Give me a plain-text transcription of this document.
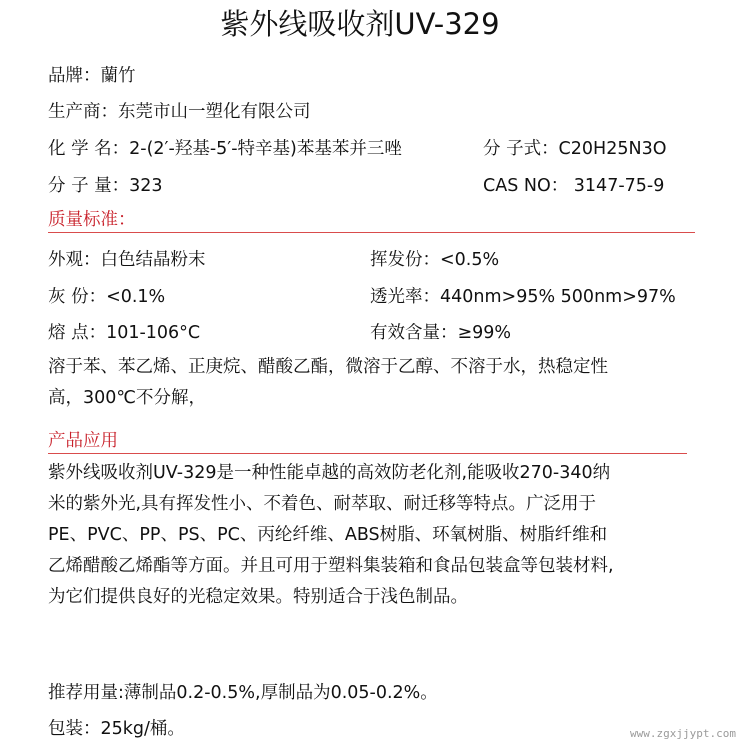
紫外线吸收剂UV-329
品牌：蘭竹
生产商：东莞市山一塑化有限公司
化 学 名：2-(2′-羟基-5′-特辛基)苯基苯并三唑	分 子式：C20H25N3O
分 子 量：323	CAS NO： 3147-75-9
质量标准：
外观：白色结晶粉末	挥发份：<0.5%
灰 份：<0.1%	透光率：440nm>95% 500nm>97%
熔 点：101-106°C	有效含量：≥99%
溶于苯、苯乙烯、正庚烷、醋酸乙酯，微溶于乙醇、不溶于水，热稳定性
高，300℃不分解，
产品应用
紫外线吸收剂UV-329是一种性能卓越的高效防老化剂,能吸收270-340纳
米的紫外光,具有挥发性小、不着色、耐萃取、耐迁移等特点。广泛用于
PE、PVC、PP、PS、PC、丙纶纤维、ABS树脂、环氧树脂、树脂纤维和
乙烯醋酸乙烯酯等方面。并且可用于塑料集装箱和食品包装盒等包装材料,
为它们提供良好的光稳定效果。特别适合于浅色制品。
推荐用量:薄制品0.2-0.5%,厚制品为0.05-0.2%。
包装：25kg/桶。	www.zgxjjypt.com
